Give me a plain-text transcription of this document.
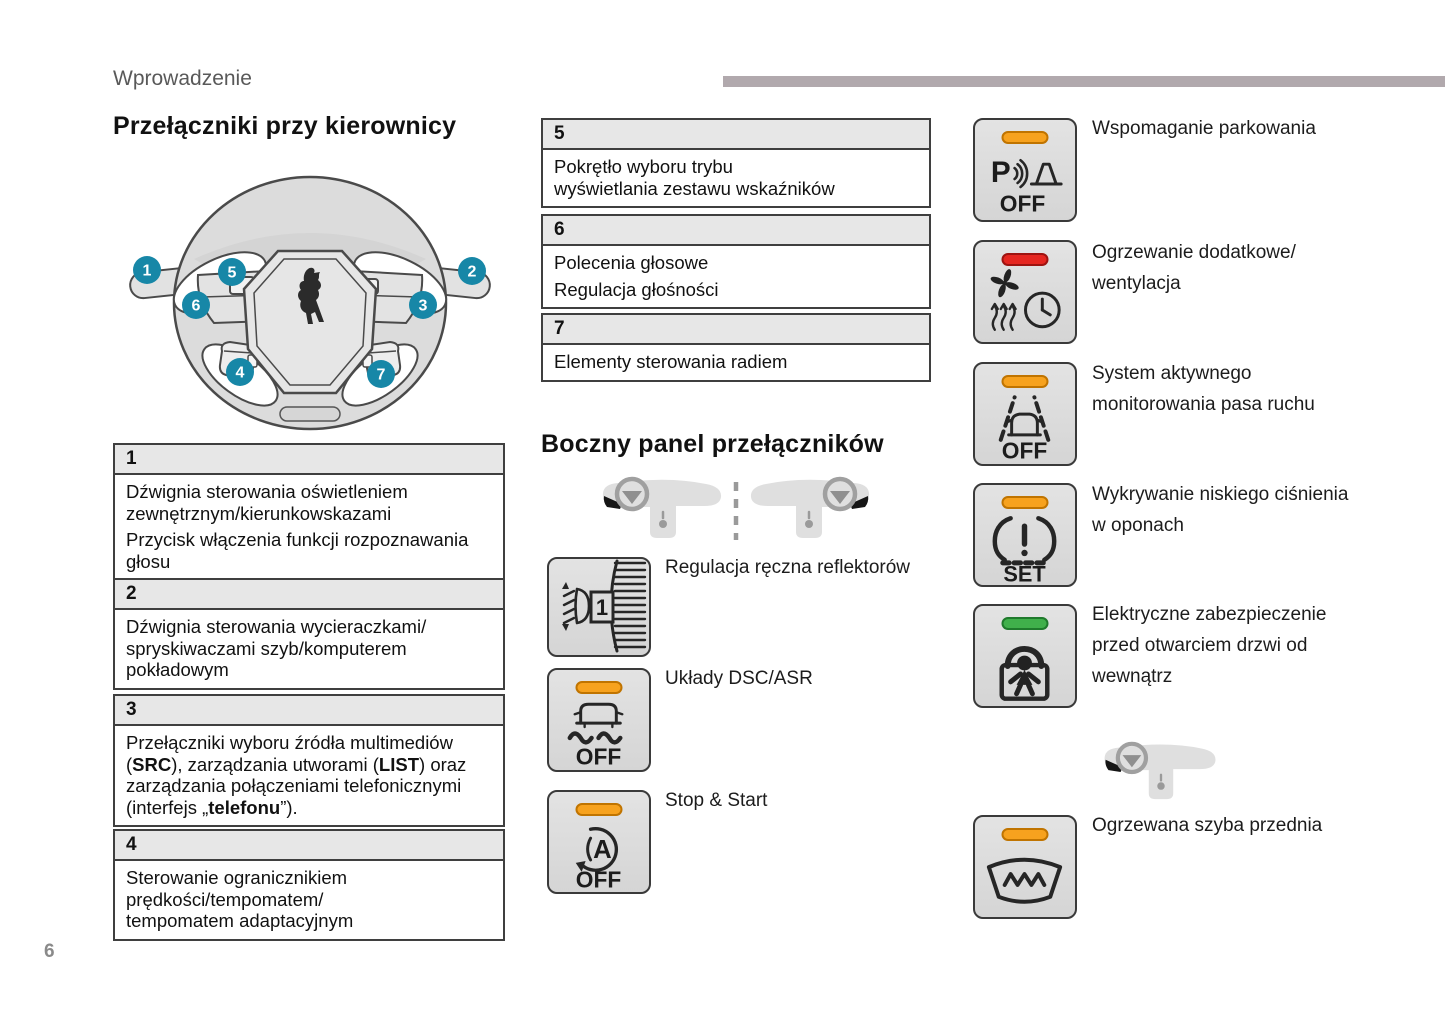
Wprowadzenie
Przełączniki przy kierownicy
1	2
5
6	3
4	7
1

Dźwignia sterowania oświetleniem
zewnętrznym/kierunkowskazami

Przycisk włączenia funkcji rozpoznawania
głosu

2

Dźwignia sterowania wycieraczkami/
spryskiwaczami szyb/komputerem
pokładowym

3

Przełączniki wyboru źródła multimediów
(SRC), zarządzania utworami (LIST) oraz
zarządzania połączeniami telefonicznymi
(interfejs „telefonu”).

4

Sterowanie ogranicznikiem
prędkości/tempomatem/
tempomatem adaptacyjnym

5

Pokrętło wyboru trybu
wyświetlania zestawu wskaźników

6

Polecenia głosowe

Regulacja głośności

7

Elementy sterowania radiem

Boczny panel przełączników
1
Regulacja ręczna reflektorów
OFF
Układy DSC/ASR
A
OFF
Stop & Start
P
OFF
Wspomaganie parkowania
Ogrzewanie dodatkowe/
wentylacja
OFF
System aktywnego
monitorowania pasa ruchu
SET
Wykrywanie niskiego ciśnienia
w oponach
Elektryczne zabezpieczenie
przed otwarciem drzwi od
wewnątrz
Ogrzewana szyba przednia
6
